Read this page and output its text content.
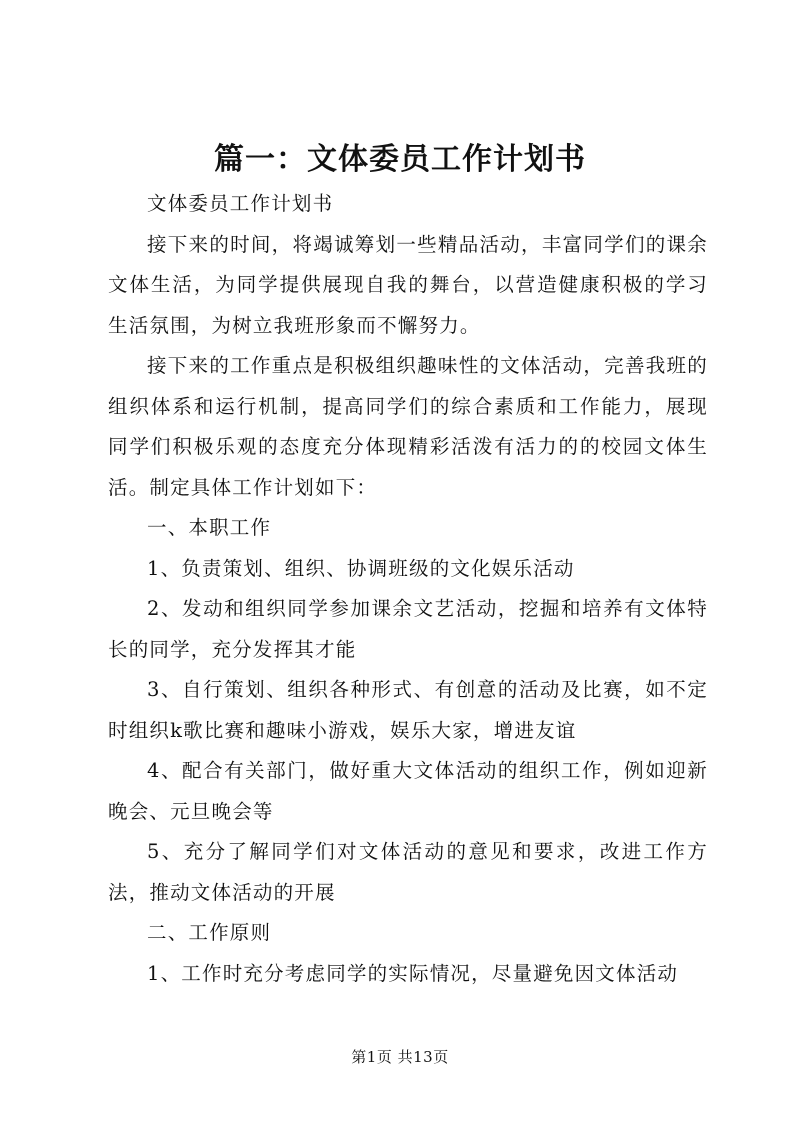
篇一：文体委员工作计划书

文体委员工作计划书

接下来的时间，将竭诚筹划一些精品活动，丰富同学们的课余文体生活，为同学提供展现自我的舞台，以营造健康积极的学习生活氛围，为树立我班形象而不懈努力。

接下来的工作重点是积极组织趣味性的文体活动，完善我班的组织体系和运行机制，提高同学们的综合素质和工作能力，展现同学们积极乐观的态度充分体现精彩活泼有活力的的校园文体生活。制定具体工作计划如下：

一、本职工作

1、负责策划、组织、协调班级的文化娱乐活动

2、发动和组织同学参加课余文艺活动，挖掘和培养有文体特长的同学，充分发挥其才能

3、自行策划、组织各种形式、有创意的活动及比赛，如不定时组织k歌比赛和趣味小游戏，娱乐大家，增进友谊

4、配合有关部门，做好重大文体活动的组织工作，例如迎新晚会、元旦晚会等

5、充分了解同学们对文体活动的意见和要求，改进工作方法，推动文体活动的开展

二、工作原则

1、工作时充分考虑同学的实际情况，尽量避免因文体活动

第1页 共13页
